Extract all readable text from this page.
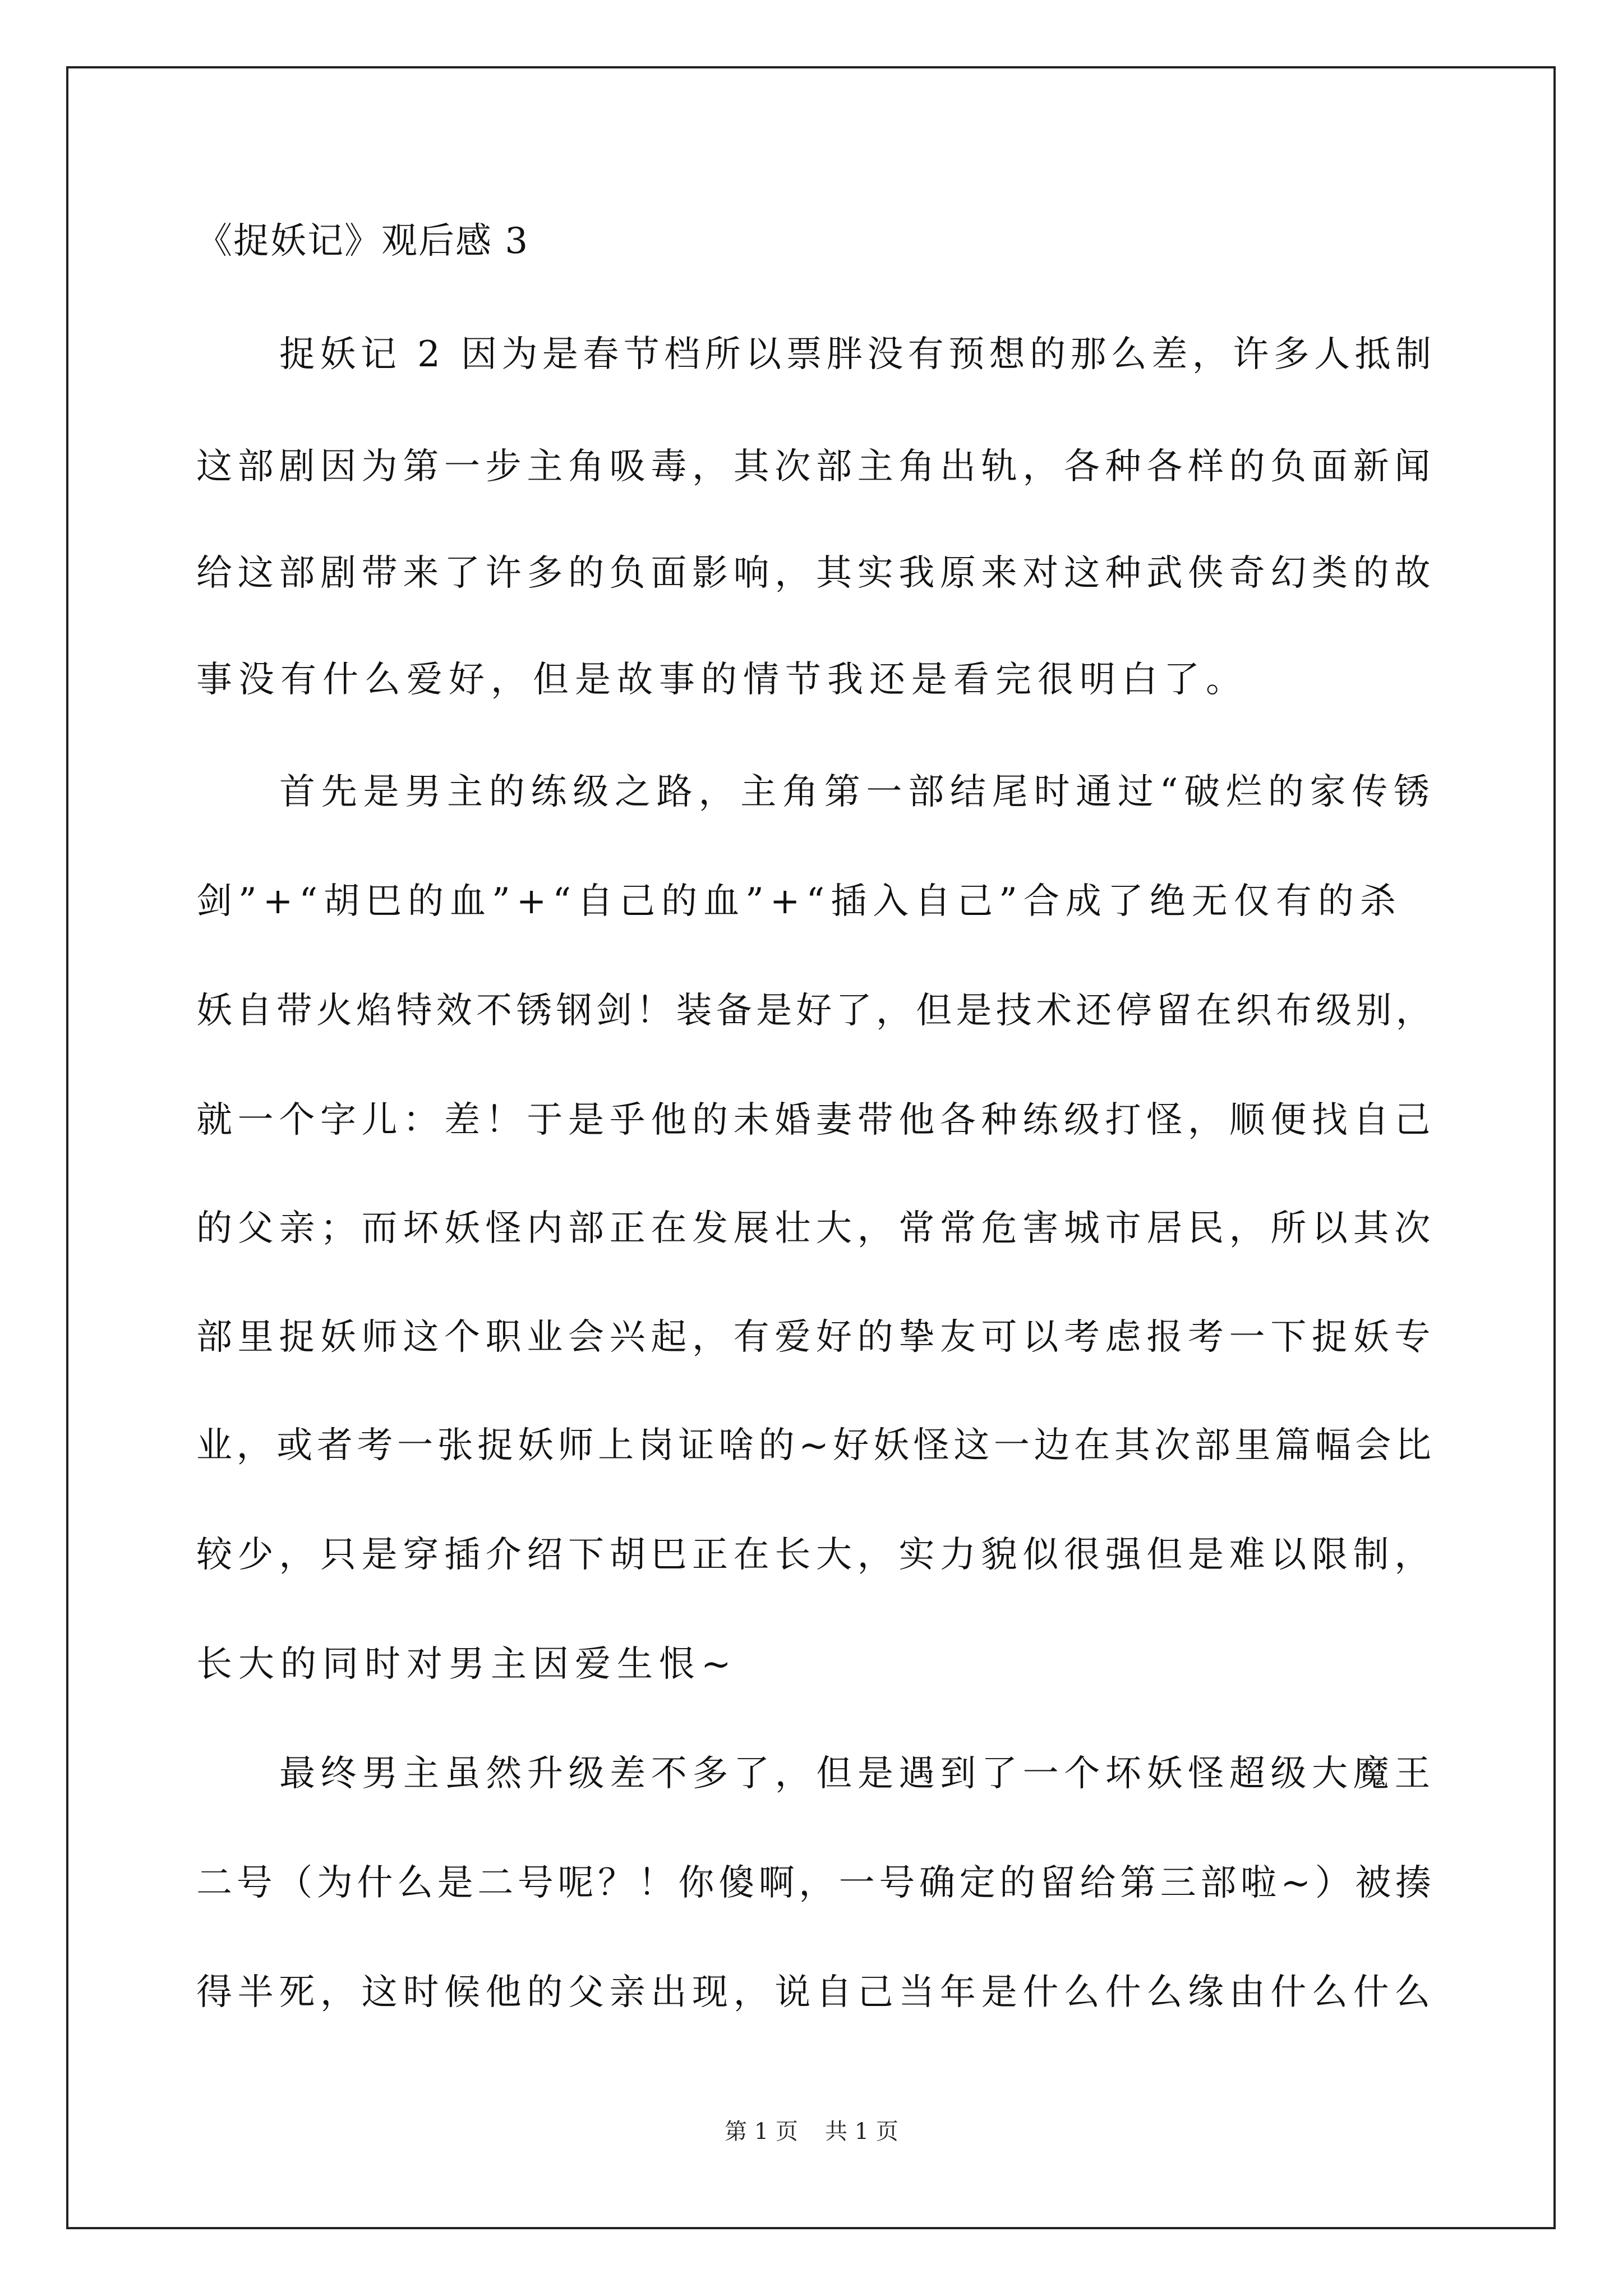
《捉妖记》观后感 3
捉妖记 2 因为是春节档所以票胖没有预想的那么差，许多人抵制
这部剧因为第一步主角吸毒，其次部主角出轨，各种各样的负面新闻
给这部剧带来了许多的负面影响，其实我原来对这种武侠奇幻类的故
事没有什么爱好，但是故事的情节我还是看完很明白了。
首先是男主的练级之路，主角第一部结尾时通过“破烂的家传锈
剑”+“胡巴的血”+“自己的血”+“插入自己”合成了绝无仅有的杀
妖自带火焰特效不锈钢剑！装备是好了，但是技术还停留在织布级别，
就一个字儿：差！于是乎他的未婚妻带他各种练级打怪，顺便找自己
的父亲；而坏妖怪内部正在发展壮大，常常危害城市居民，所以其次
部里捉妖师这个职业会兴起，有爱好的挚友可以考虑报考一下捉妖专
业，或者考一张捉妖师上岗证啥的~好妖怪这一边在其次部里篇幅会比
较少，只是穿插介绍下胡巴正在长大，实力貌似很强但是难以限制，
长大的同时对男主因爱生恨~
最终男主虽然升级差不多了，但是遇到了一个坏妖怪超级大魔王
二号（为什么是二号呢？！你傻啊，一号确定的留给第三部啦~）被揍
得半死，这时候他的父亲出现，说自己当年是什么什么缘由什么什么
第 1 页 共 1 页
